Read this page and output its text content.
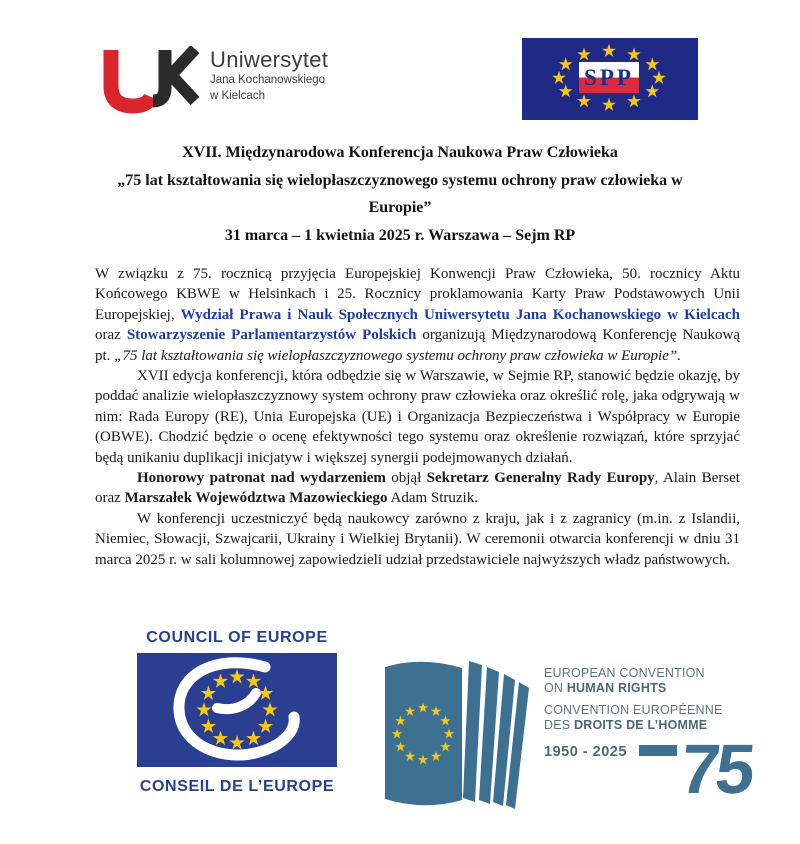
Uniwersytet
Jana Kochanowskiego
w Kielcach
SPP
XVII. Międzynarodowa Konferencja Naukowa Praw Człowieka
„75 lat kształtowania się wielopłaszczyznowego systemu ochrony praw człowieka w
Europie”
31 marca – 1 kwietnia 2025 r. Warszawa – Sejm RP

W związku z 75. rocznicą przyjęcia Europejskiej Konwencji Praw Człowieka, 50. rocznicy Aktu Końcowego KBWE w Helsinkach i 25. Rocznicy proklamowania Karty Praw Podstawowych Unii Europejskiej, Wydział Prawa i Nauk Społecznych Uniwersytetu Jana Kochanowskiego w Kielcach oraz Stowarzyszenie Parlamentarzystów Polskich organizują Międzynarodową Konferencję Naukową pt. „75 lat kształtowania się wielopłaszczyznowego systemu ochrony praw człowieka w Europie”.

XVII edycja konferencji, która odbędzie się w Warszawie, w Sejmie RP, stanowić będzie okazję, by poddać analizie wielopłaszczyznowy system ochrony praw człowieka oraz określić rolę, jaka odgrywają w nim: Rada Europy (RE), Unia Europejska (UE) i Organizacja Bezpieczeństwa i Współpracy w Europie (OBWE). Chodzić będzie o ocenę efektywności tego systemu oraz określenie rozwiązań, które sprzyjać będą unikaniu duplikacji inicjatyw i większej synergii podejmowanych działań.

Honorowy patronat nad wydarzeniem objął Sekretarz Generalny Rady Europy, Alain Berset oraz Marszałek Województwa Mazowieckiego Adam Struzik.

W konferencji uczestniczyć będą naukowcy zarówno z kraju, jak i z zagranicy (m.in. z Islandii, Niemiec, Słowacji, Szwajcarii, Ukrainy i Wielkiej Brytanii). W ceremonii otwarcia konferencji w dniu 31 marca 2025 r. w sali kolumnowej zapowiedzieli udział przedstawiciele najwyższych władz państwowych.

COUNCIL OF EUROPE
CONSEIL DE L’EUROPE
EUROPEAN CONVENTION
ON HUMAN RIGHTS
CONVENTION EUROPÉENNE
DES DROITS DE L’HOMME
1950 - 2025 75
